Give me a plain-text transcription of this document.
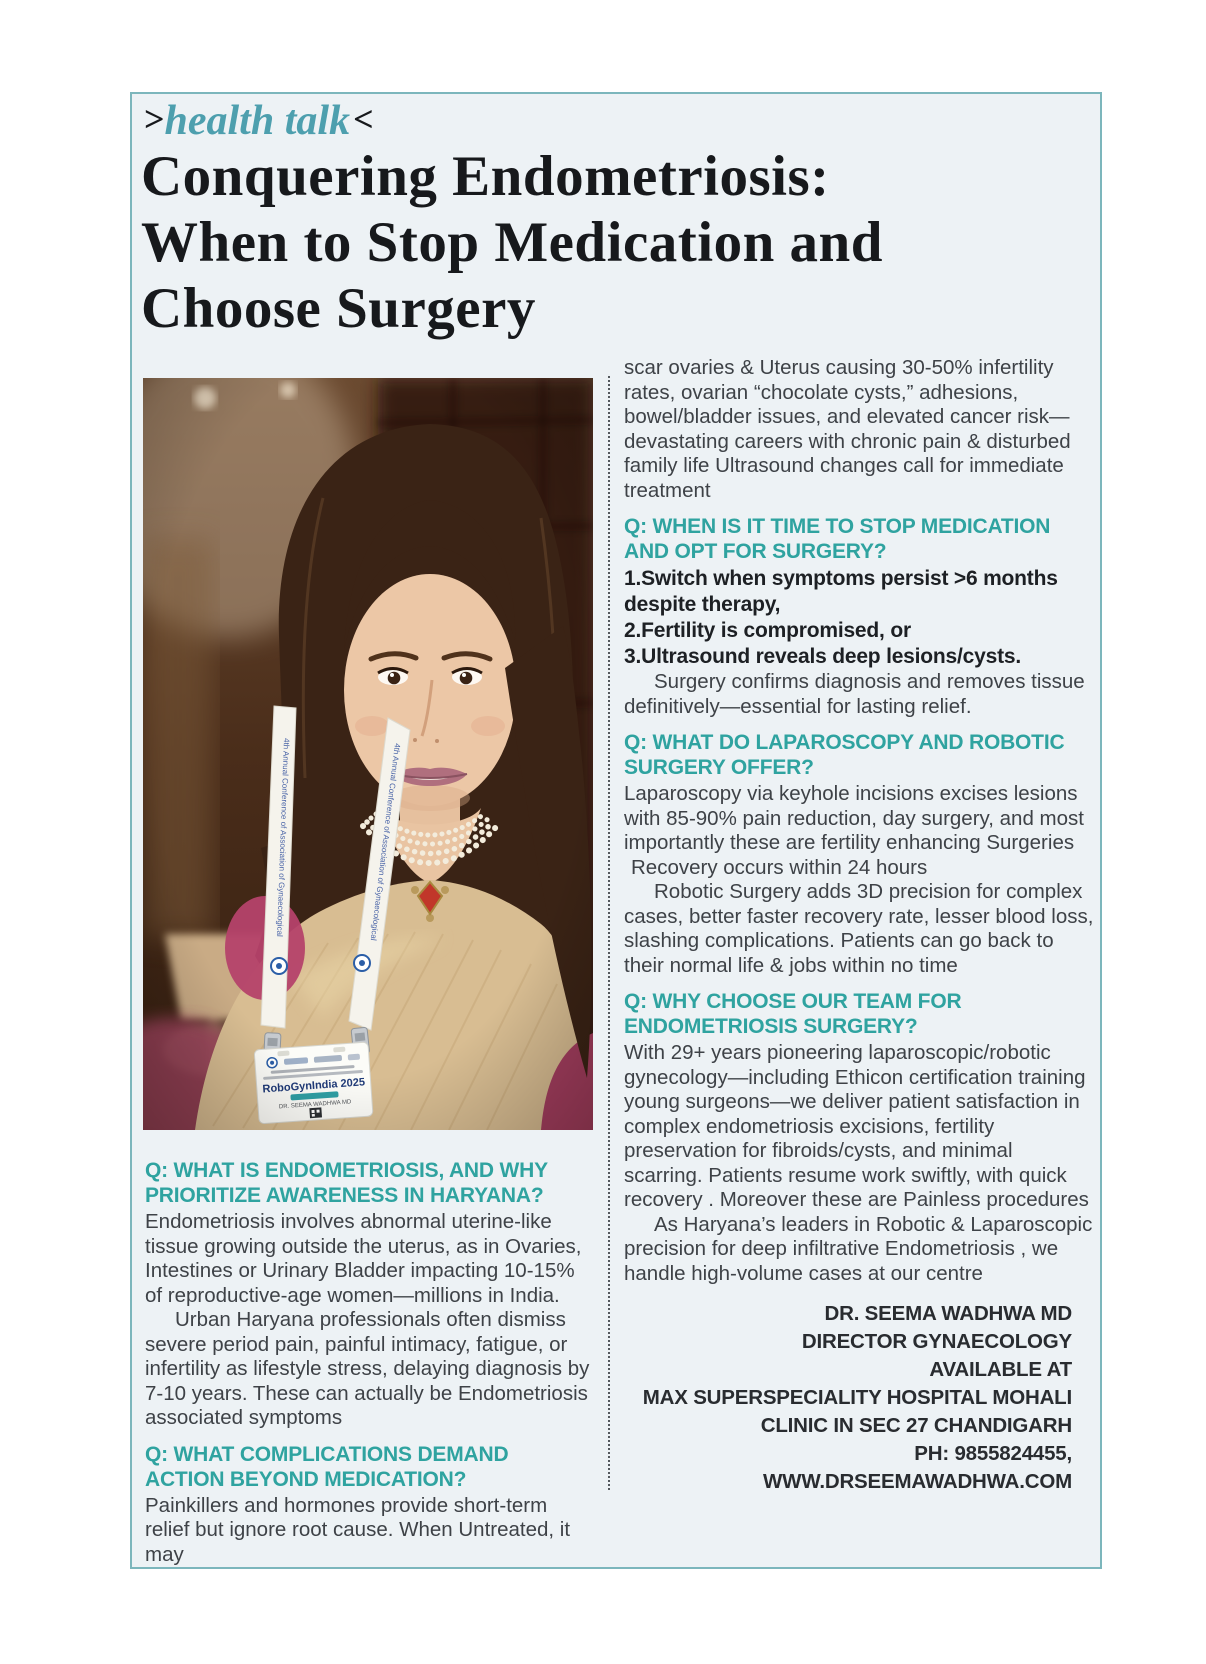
>health talk<
Conquering Endometriosis:
When to Stop Medication and
Choose Surgery
Q: WHAT IS ENDOMETRIOSIS, AND WHY PRIORITIZE AWARENESS IN HARYANA?

Endometriosis involves abnormal uterine-like tissue growing outside the uterus, as in Ovaries, Intestines or Urinary Bladder impacting 10-15% of reproductive-age women—millions in India.

Urban Haryana professionals often dismiss severe period pain, painful intimacy, fatigue, or infertility as lifestyle stress, delaying diagnosis by 7-10 years. These can actually be Endometriosis associated symptoms

Q: WHAT COMPLICATIONS DEMAND ACTION BEYOND MEDICATION?

Painkillers and hormones provide short-term relief but ignore root cause. When Untreated, it may

scar ovaries & Uterus causing 30-50% infertility rates, ovarian “chocolate cysts,” adhesions, bowel/bladder issues, and elevated cancer risk—devastating careers with chronic pain & disturbed family life Ultrasound changes call for immediate treatment

Q: WHEN IS IT TIME TO STOP MEDICATION AND OPT FOR SURGERY?
1.Switch when symptoms persist >6 months despite therapy,
2.Fertility is compromised, or
3.Ultrasound reveals deep lesions/cysts.

Surgery confirms diagnosis and removes tissue definitively—essential for lasting relief.

Q: WHAT DO LAPAROSCOPY AND ROBOTIC SURGERY OFFER?

Laparoscopy via keyhole incisions excises lesions with 85-90% pain reduction, day surgery, and most importantly these are fertility enhancing Surgeries

Recovery occurs within 24 hours

Robotic Surgery adds 3D precision for complex cases, better faster recovery rate, lesser blood loss, slashing complications. Patients can go back to their normal life & jobs within no time

Q: WHY CHOOSE OUR TEAM FOR ENDOMETRIOSIS SURGERY?

With 29+ years pioneering laparoscopic/robotic gynecology—including Ethicon certification training young surgeons—we deliver patient satisfaction in complex endometriosis excisions, fertility preservation for fibroids/cysts, and minimal scarring. Patients resume work swiftly, with quick recovery . Moreover these are Painless procedures

As Haryana’s leaders in Robotic & Laparoscopic precision for deep infiltrative Endometriosis , we handle high-volume cases at our centre

DR. SEEMA WADHWA MD
DIRECTOR GYNAECOLOGY
AVAILABLE AT
MAX SUPERSPECIALITY HOSPITAL MOHALI
CLINIC IN SEC 27 CHANDIGARH
PH: 9855824455,
WWW.DRSEEMAWADHWA.COM
